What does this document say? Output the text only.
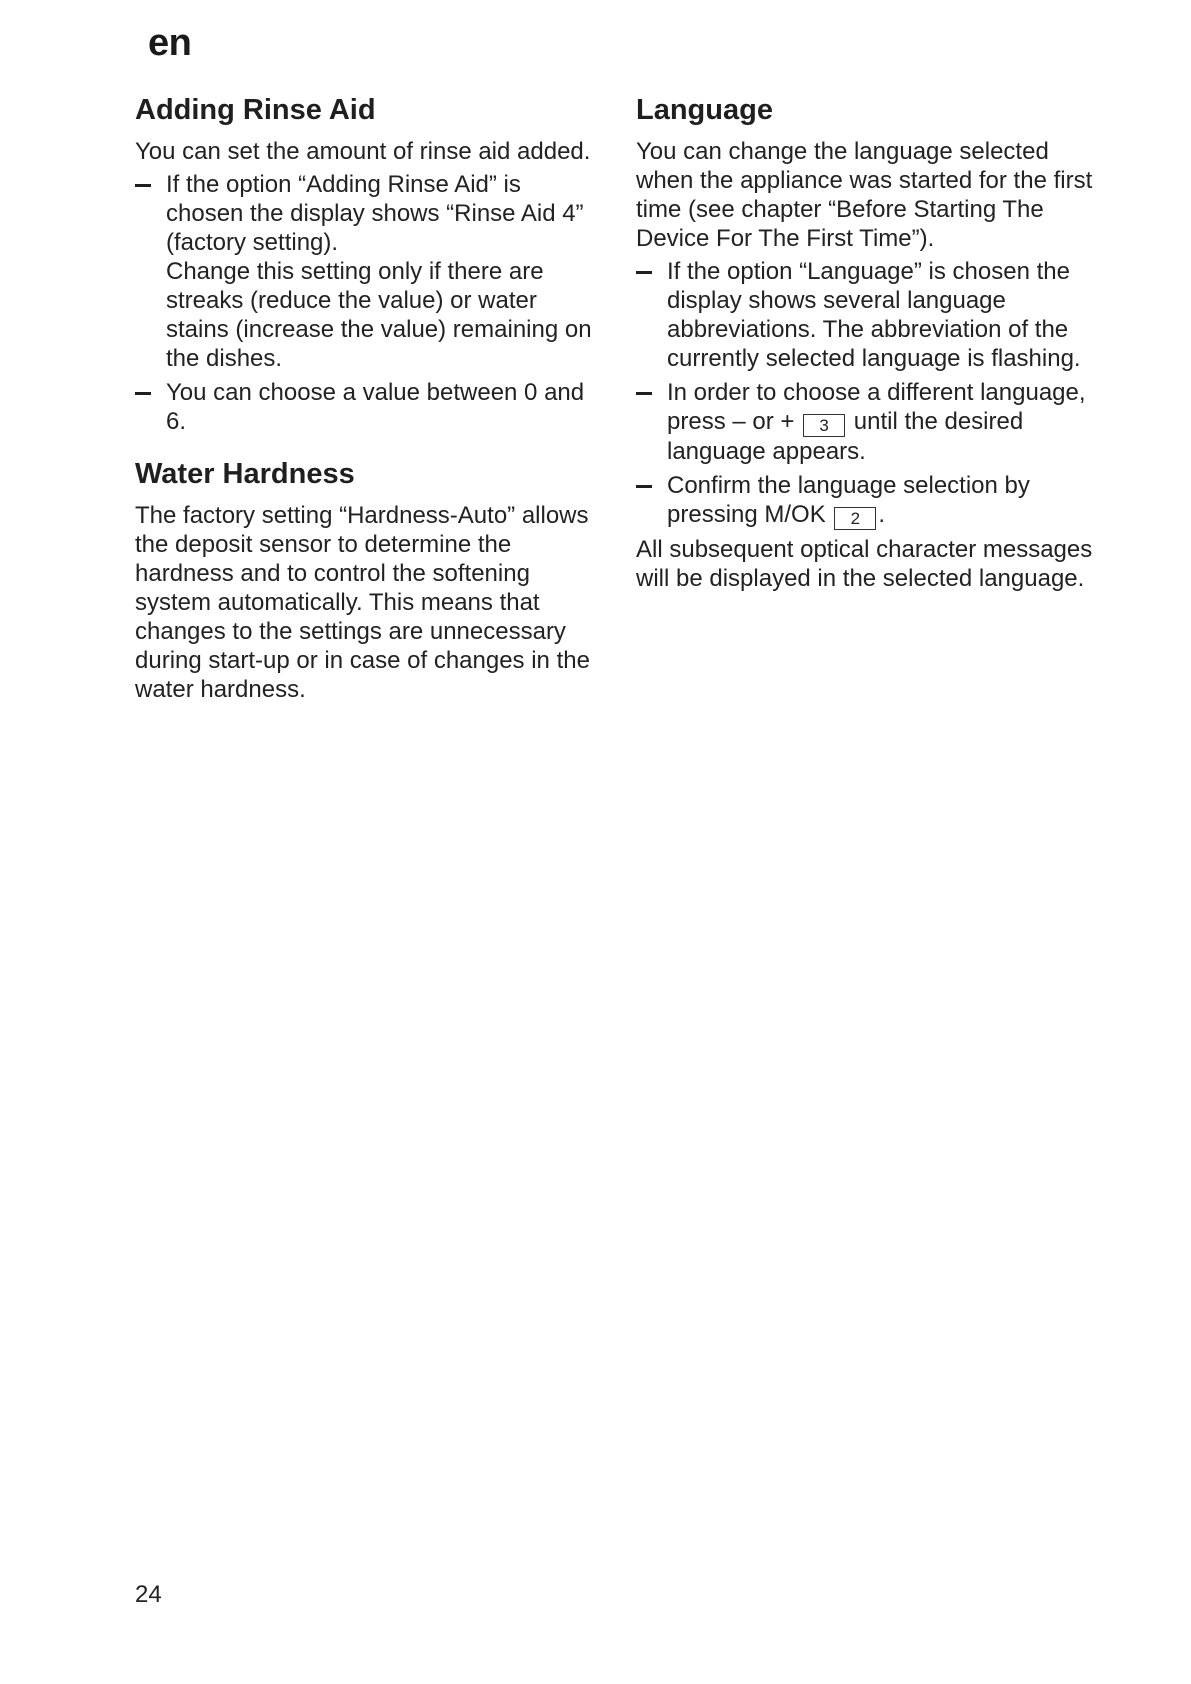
en
Adding Rinse Aid

You can set the amount of rinse aid added.

If the option “Adding Rinse Aid” is chosen the display shows “Rinse Aid 4” (factory setting).
Change this setting only if there are streaks (reduce the value) or water stains (increase the value) remaining on the dishes.
You can choose a value between 0 and 6.
Water Hardness

The factory setting “Hardness-Auto” allows the deposit sensor to determine the hardness and to control the softening system automatically. This means that changes to the settings are unnecessary during start-up or in case of changes in the water hardness.

Language

You can change the language selected when the appliance was started for the first time (see chapter “Before Starting The Device For The First Time”).

If the option “Language” is chosen the display shows several language abbreviations. The abbreviation of the currently selected language is flashing.
In order to choose a different language, press – or + 3 until the desired language appears.
Confirm the language selection by pressing M/OK 2 .

All subsequent optical character messages will be displayed in the selected language.

24
